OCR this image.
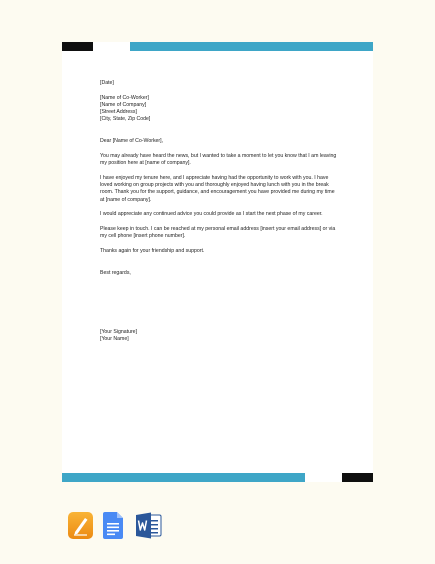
[Date]

[Name of Co-Worker]

[Name of Company]

[Street Address]

[City, State, Zip Code]

Dear [Name of Co-Worker],

You may already have heard the news, but I wanted to take a moment to let you know that I am leaving my position here at [name of company].

I have enjoyed my tenure here, and I appreciate having had the opportunity to work with you. I have loved working on group projects with you and thoroughly enjoyed having lunch with you in the break room. Thank you for the support, guidance, and encouragement you have provided me during my time at [name of company].

I would appreciate any continued advice you could provide as I start the next phase of my career.

Please keep in touch. I can be reached at my personal email address [insert your email address] or via my cell phone [insert phone number].

Thanks again for your friendship and support.

Best regards,

[Your Signature]

[Your Name]
